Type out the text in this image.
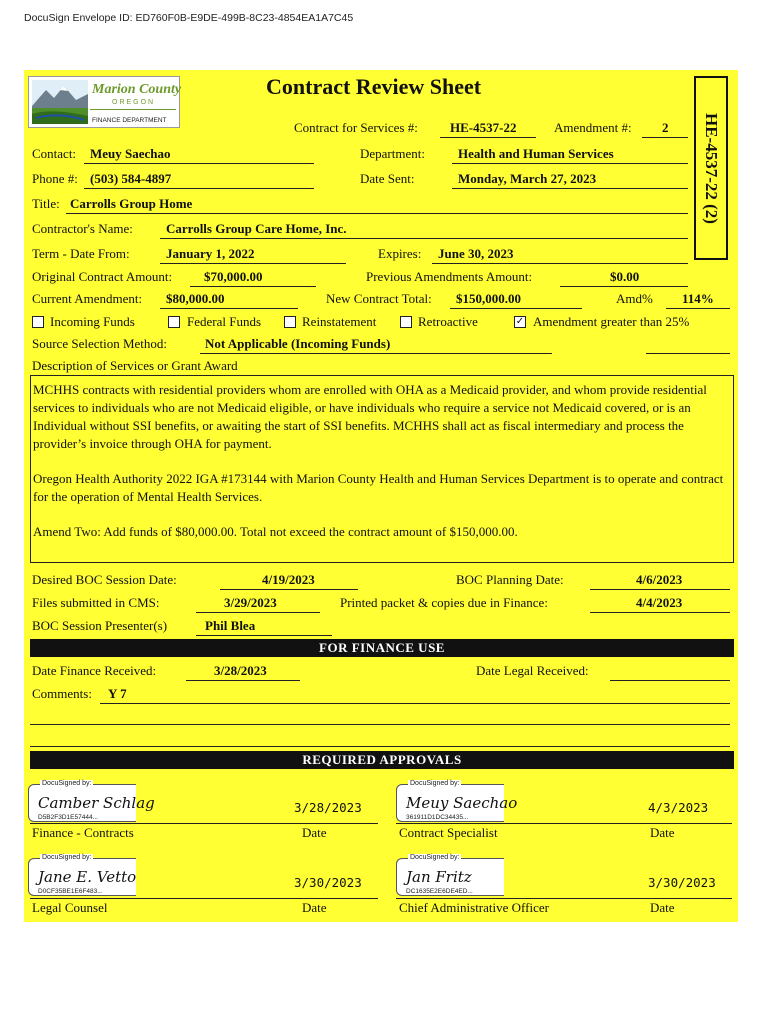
DocuSign Envelope ID: ED760F0B-E9DE-499B-8C23-4854EA1A7C45
Marion County
OREGON
FINANCE DEPARTMENT
Contract Review Sheet
HE-4537-22 (2)
Contract for Services #: HE-4537-22	Amendment #: 2
Contact: Meuy Saechao	Department:	Health and Human Services
Phone #: (503) 584-4897	Date Sent:	Monday, March 27, 2023
Title: Carrolls Group Home
Contractor's Name:	Carrolls Group Care Home, Inc.
Term - Date From:	January 1, 2022	Expires: June 30, 2023
Original Contract Amount: $70,000.00	Previous Amendments Amount:	$0.00
Current Amendment: $80,000.00	New Contract Total: $150,000.00	Amd% 114%
Incoming Funds	Federal Funds	Reinstatement	Retroactive	✓ Amendment greater than 25%
Source Selection Method:	Not Applicable (Incoming Funds)
Description of Services or Grant Award

MCHHS contracts with residential providers whom are enrolled with OHA as a Medicaid provider, and whom provide residential services to individuals who are not Medicaid eligible, or have individuals who require a service not Medicaid covered, or is an Individual without SSI benefits, or awaiting the start of SSI benefits. MCHHS shall act as fiscal intermediary and process the provider’s invoice through OHA for payment.

Oregon Health Authority 2022 IGA #173144 with Marion County Health and Human Services Department is to operate and contract for the operation of Mental Health Services.

Amend Two: Add funds of $80,000.00. Total not exceed the contract amount of $150,000.00.

Desired BOC Session Date:	4/19/2023	BOC Planning Date:	4/6/2023
Files submitted in CMS:	3/29/2023	Printed packet & copies due in Finance:	4/4/2023
BOC Session Presenter(s)	Phil Blea
FOR FINANCE USE
Date Finance Received:	3/28/2023	Date Legal Received:
Comments: Y 7
REQUIRED APPROVALS
DocuSigned by:
Camber Schlag
D5B2F3D1E57444...
3/28/2023
Finance - Contracts	Date
DocuSigned by:
Meuy Saechao
361911D1DC34435...
4/3/2023
Contract Specialist	Date
DocuSigned by:
Jane E. Vetto
D0CF35BE1E6F483...
3/30/2023
Legal Counsel	Date
DocuSigned by:
Jan Fritz
DC1635E2E6DE4ED...
3/30/2023
Chief Administrative Officer	Date
